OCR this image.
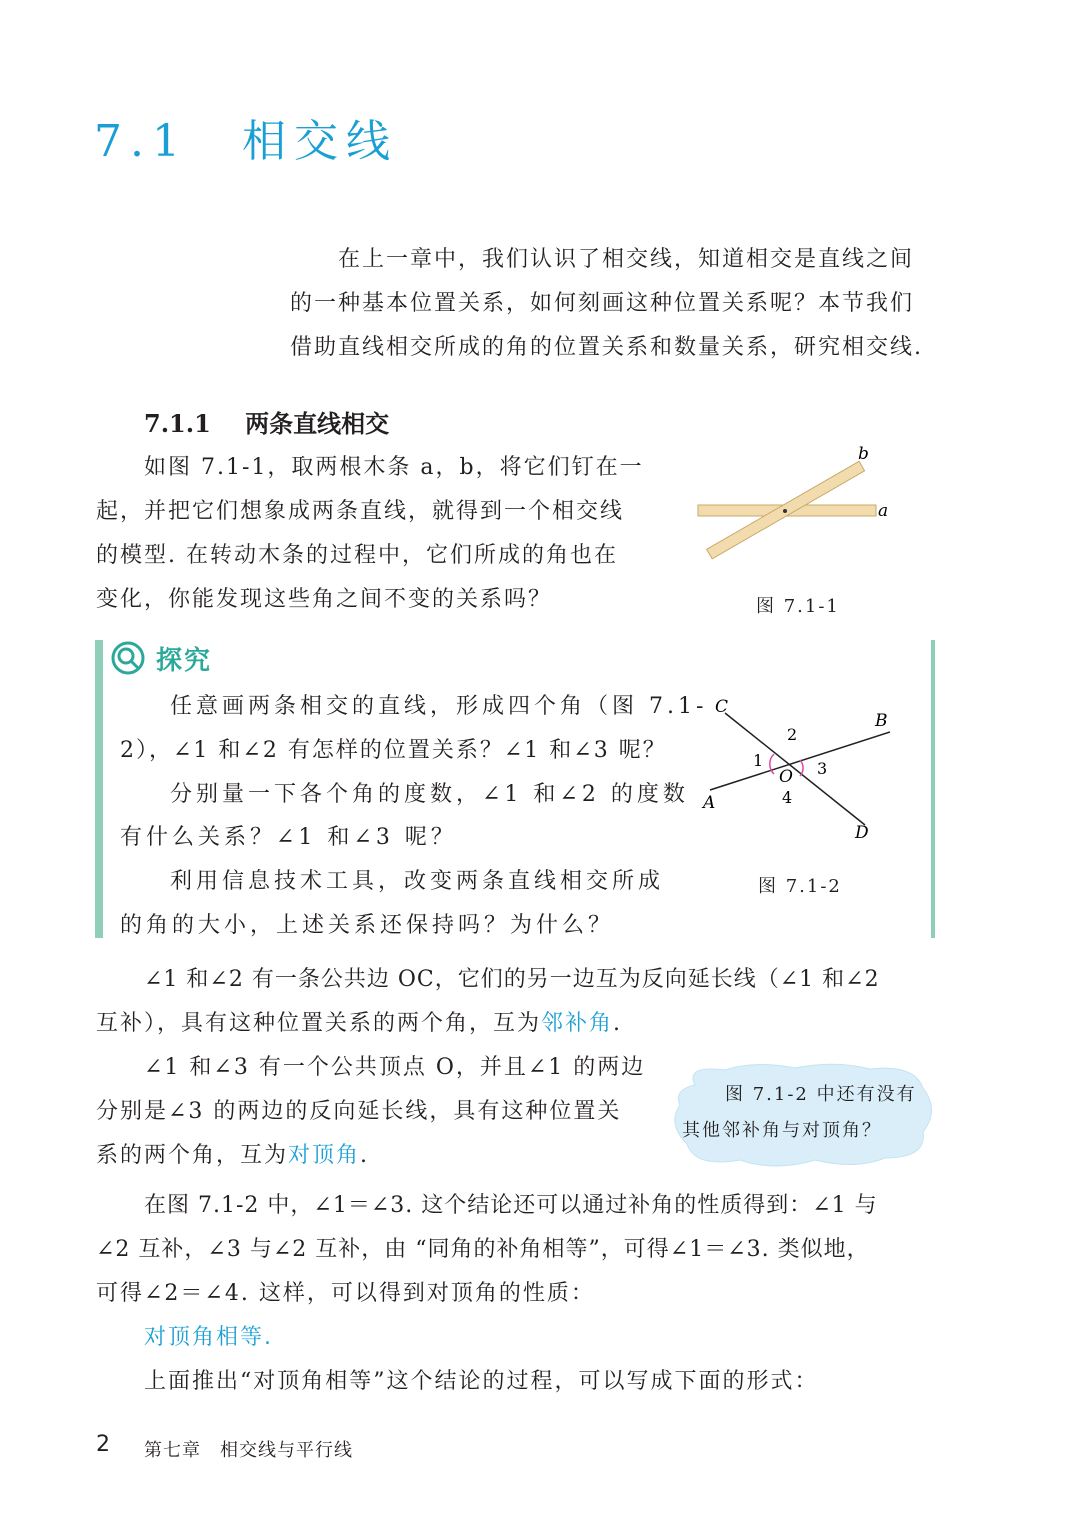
7.1 相交线
在上一章中，我们认识了相交线，知道相交是直线之间
的一种基本位置关系，如何刻画这种位置关系呢？本节我们
借助直线相交所成的角的位置关系和数量关系，研究相交线.
7.1.1 两条直线相交
如图 7.1-1，取两根木条 a，b，将它们钉在一
起，并把它们想象成两条直线，就得到一个相交线
的模型. 在转动木条的过程中，它们所成的角也在
变化，你能发现这些角之间不变的关系吗？
b
a
图 7.1-1
探究
任意画两条相交的直线，形成四个角（图 7.1-
2），∠1 和∠2 有怎样的位置关系？∠1 和∠3 呢？
分别量一下各个角的度数，∠1 和∠2 的度数
有什么关系？∠1 和∠3 呢？
利用信息技术工具，改变两条直线相交所成
的角的大小，上述关系还保持吗？为什么？
C
B
A
D
O
1
2
3
4
图 7.1-2
∠1 和∠2 有一条公共边 OC，它们的另一边互为反向延长线（∠1 和∠2
互补），具有这种位置关系的两个角，互为邻补角.
∠1 和∠3 有一个公共顶点 O，并且∠1 的两边
分别是∠3 的两边的反向延长线，具有这种位置关
系的两个角，互为对顶角.
图 7.1-2 中还有没有
其他邻补角与对顶角？
在图 7.1-2 中，∠1＝∠3. 这个结论还可以通过补角的性质得到：∠1 与
∠2 互补，∠3 与∠2 互补，由 “同角的补角相等”，可得∠1＝∠3. 类似地，
可得∠2＝∠4. 这样，可以得到对顶角的性质：
对顶角相等.
上面推出“对顶角相等”这个结论的过程，可以写成下面的形式：
2 第七章　相交线与平行线
